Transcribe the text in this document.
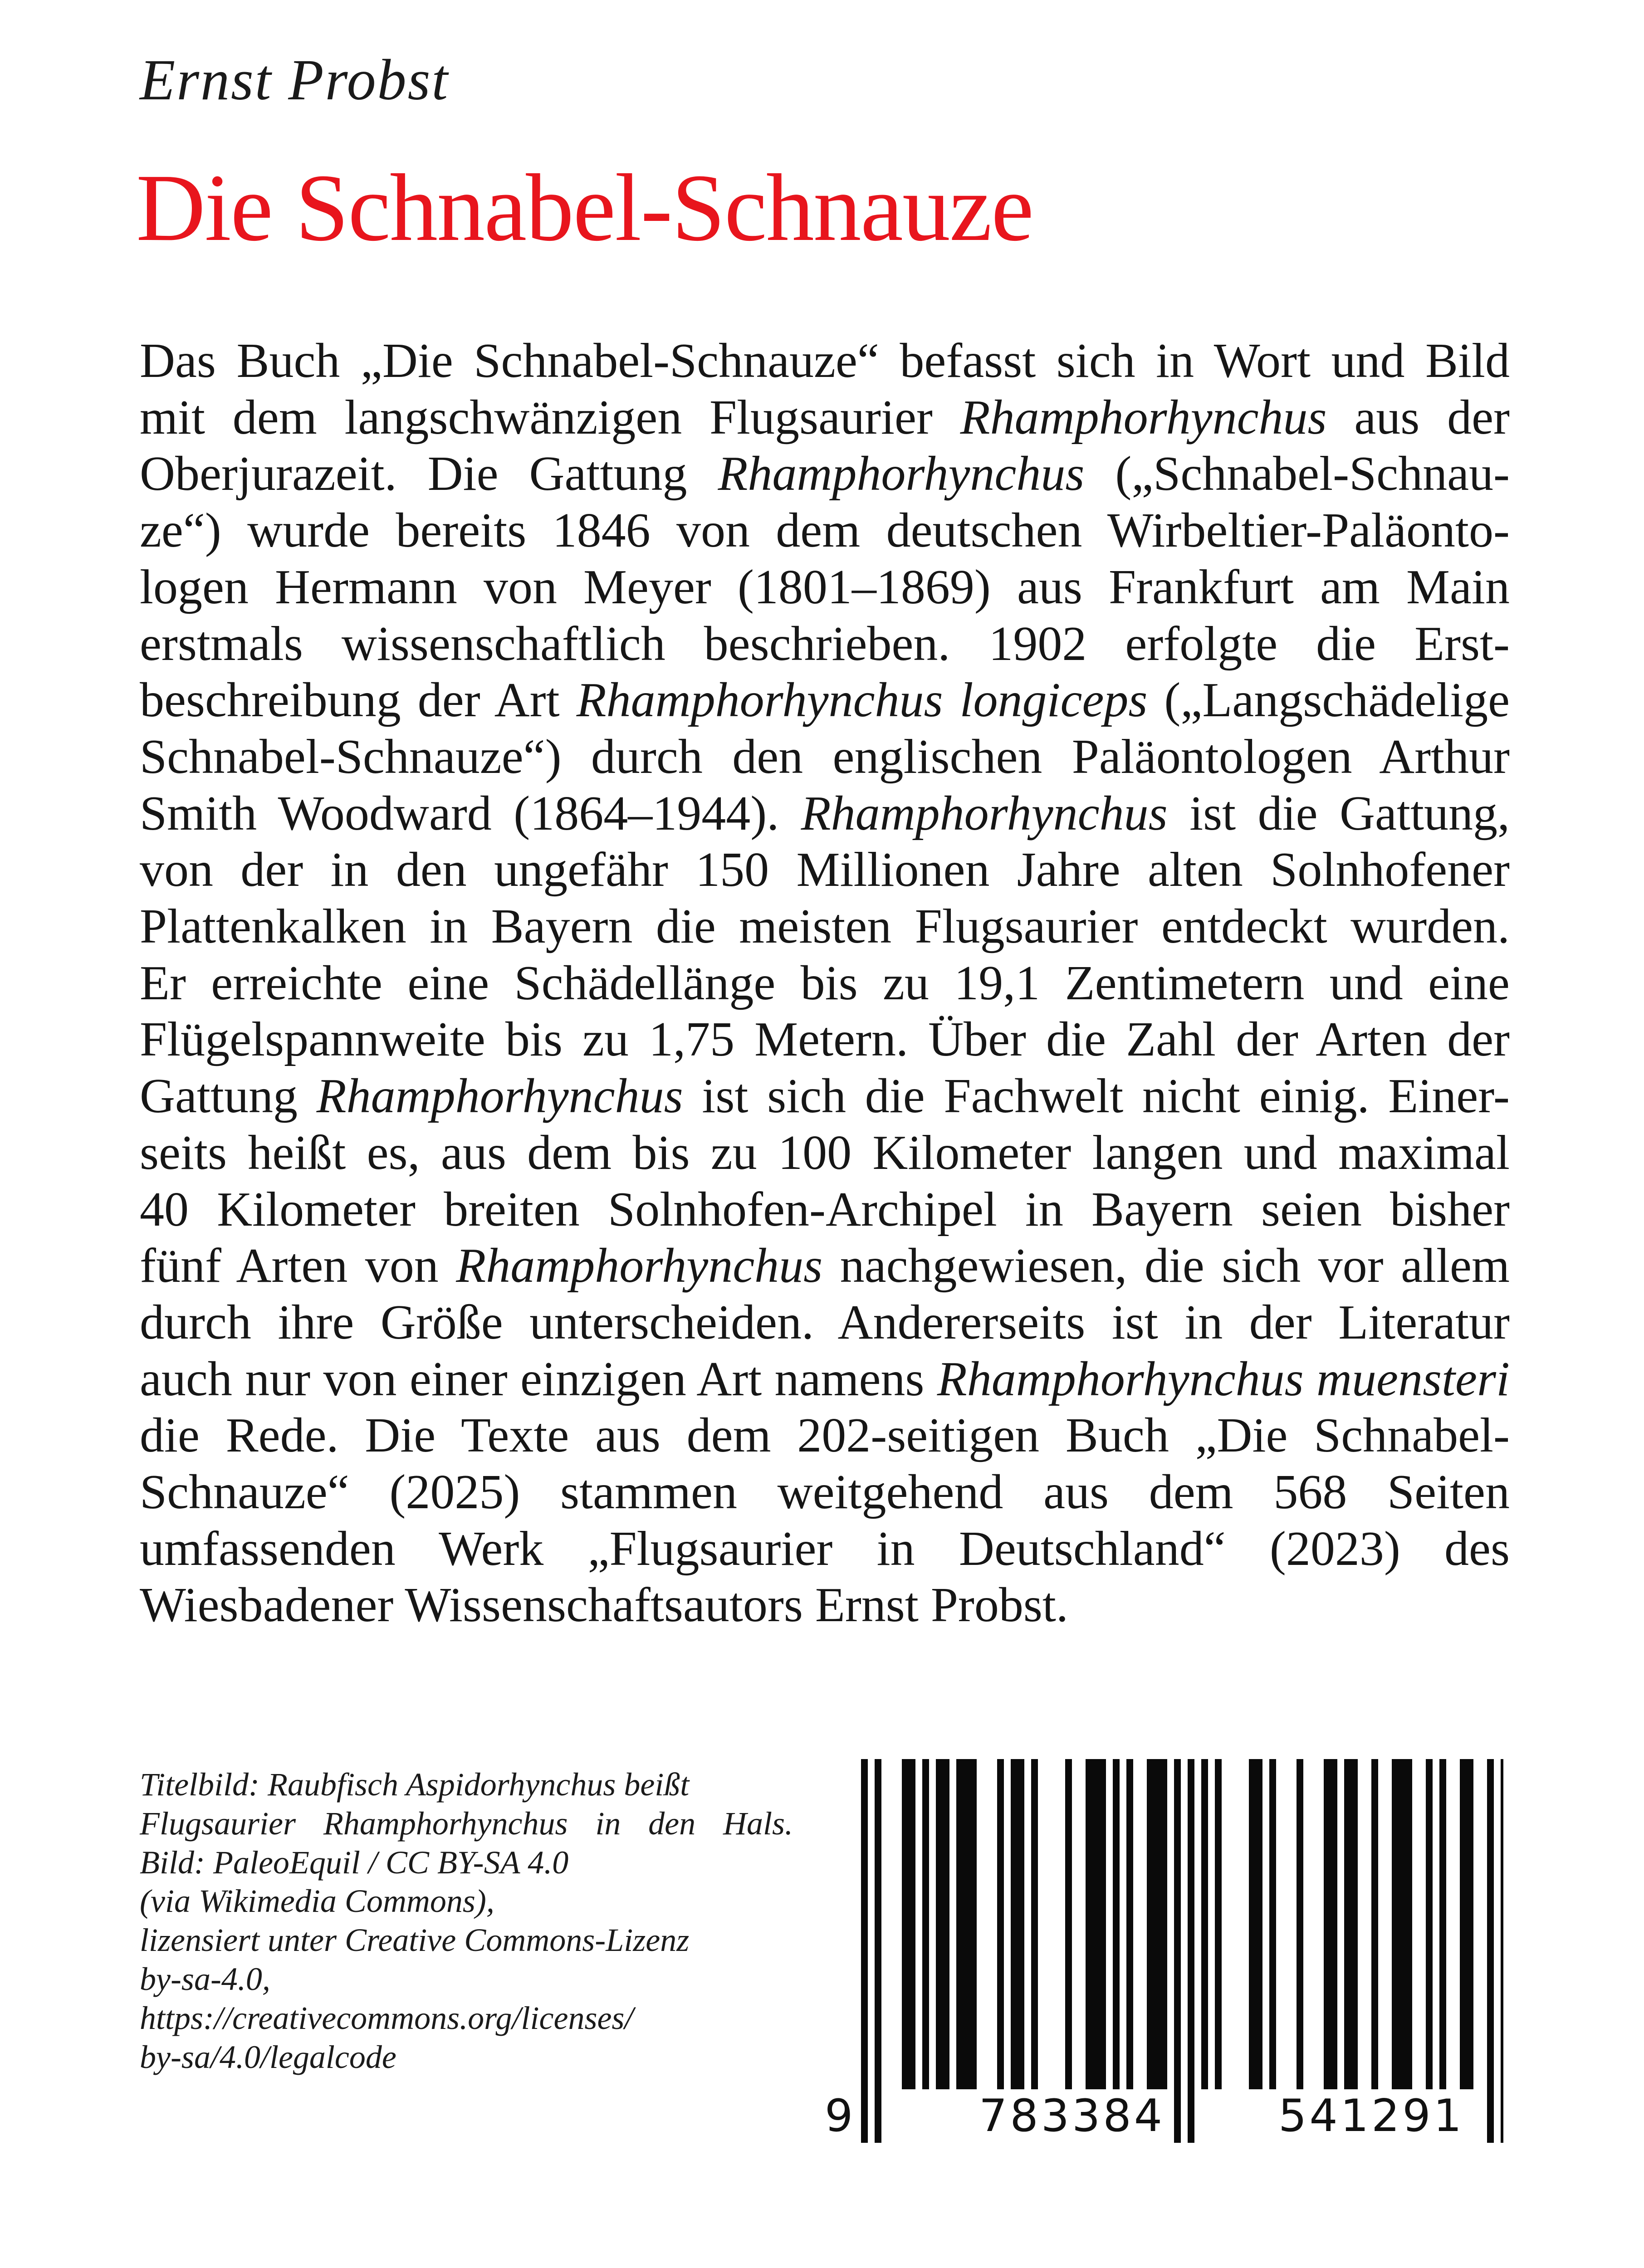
Ernst Probst
Die Schnabel-Schnauze
Das Buch „Die Schnabel-Schnauze“ befasst sich in Wort und Bild
mit dem langschwänzigen Flugsaurier Rhamphorhynchus aus der
Oberjurazeit. Die Gattung Rhamphorhynchus („Schnabel-Schnau-
ze“) wurde bereits 1846 von dem deutschen Wirbeltier-Paläonto-
logen Hermann von Meyer (1801–1869) aus Frankfurt am Main
erstmals wissenschaftlich beschrieben. 1902 erfolgte die Erst-
beschreibung der Art Rhamphorhynchus longiceps („Langschädelige
Schnabel-Schnauze“) durch den englischen Paläontologen Arthur
Smith Woodward (1864–1944). Rhamphorhynchus ist die Gattung,
von der in den ungefähr 150 Millionen Jahre alten Solnhofener
Plattenkalken in Bayern die meisten Flugsaurier entdeckt wurden.
Er erreichte eine Schädellänge bis zu 19,1 Zentimetern und eine
Flügelspannweite bis zu 1,75 Metern. Über die Zahl der Arten der
Gattung Rhamphorhynchus ist sich die Fachwelt nicht einig. Einer-
seits heißt es, aus dem bis zu 100 Kilometer langen und maximal
40 Kilometer breiten Solnhofen-Archipel in Bayern seien bisher
fünf Arten von Rhamphorhynchus nachgewiesen, die sich vor allem
durch ihre Größe unterscheiden. Andererseits ist in der Literatur
auch nur von einer einzigen Art namens Rhamphorhynchus muensteri
die Rede. Die Texte aus dem 202-seitigen Buch „Die Schnabel-
Schnauze“ (2025) stammen weitgehend aus dem 568 Seiten
umfassenden Werk „Flugsaurier in Deutschland“ (2023) des
Wiesbadener Wissenschaftsautors Ernst Probst.
Titelbild: Raubfisch Aspidorhynchus beißt
Flugsaurier Rhamphorhynchus in den Hals.
Bild: PaleoEquil / CC BY-SA 4.0
(via Wikimedia Commons),
lizensiert unter Creative Commons-Lizenz
by-sa-4.0,
https://creativecommons.org/licenses/
by-sa/4.0/legalcode
9	783384	541291
